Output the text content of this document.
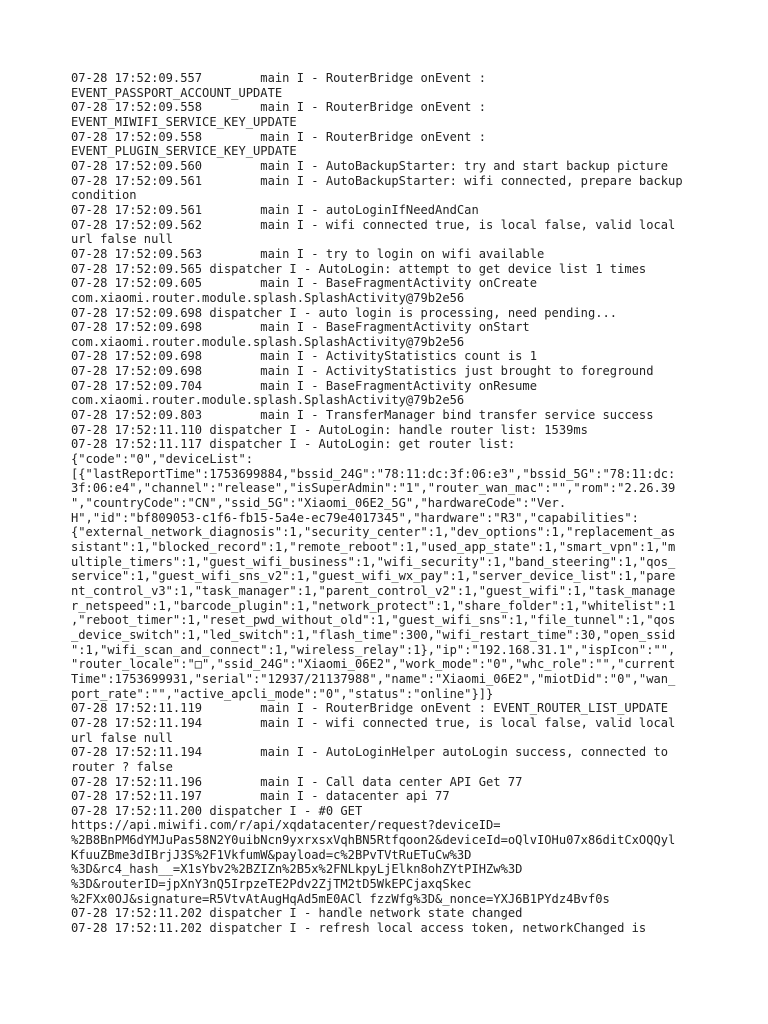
07-28 17:52:09.557        main I - RouterBridge onEvent :
EVENT_PASSPORT_ACCOUNT_UPDATE
07-28 17:52:09.558        main I - RouterBridge onEvent :
EVENT_MIWIFI_SERVICE_KEY_UPDATE
07-28 17:52:09.558        main I - RouterBridge onEvent :
EVENT_PLUGIN_SERVICE_KEY_UPDATE
07-28 17:52:09.560        main I - AutoBackupStarter: try and start backup picture
07-28 17:52:09.561        main I - AutoBackupStarter: wifi connected, prepare backup
condition
07-28 17:52:09.561        main I - autoLoginIfNeedAndCan
07-28 17:52:09.562        main I - wifi connected true, is local false, valid local
url false null
07-28 17:52:09.563        main I - try to login on wifi available
07-28 17:52:09.565 dispatcher I - AutoLogin: attempt to get device list 1 times
07-28 17:52:09.605        main I - BaseFragmentActivity onCreate
com.xiaomi.router.module.splash.SplashActivity@79b2e56
07-28 17:52:09.698 dispatcher I - auto login is processing, need pending...
07-28 17:52:09.698        main I - BaseFragmentActivity onStart
com.xiaomi.router.module.splash.SplashActivity@79b2e56
07-28 17:52:09.698        main I - ActivityStatistics count is 1
07-28 17:52:09.698        main I - ActivityStatistics just brought to foreground
07-28 17:52:09.704        main I - BaseFragmentActivity onResume
com.xiaomi.router.module.splash.SplashActivity@79b2e56
07-28 17:52:09.803        main I - TransferManager bind transfer service success
07-28 17:52:11.110 dispatcher I - AutoLogin: handle router list: 1539ms
07-28 17:52:11.117 dispatcher I - AutoLogin: get router list:
{"code":"0","deviceList":
[{"lastReportTime":1753699884,"bssid_24G":"78:11:dc:3f:06:e3","bssid_5G":"78:11:dc:
3f:06:e4","channel":"release","isSuperAdmin":"1","router_wan_mac":"","rom":"2.26.39
","countryCode":"CN","ssid_5G":"Xiaomi_06E2_5G","hardwareCode":"Ver.
H","id":"bf809053-c1f6-fb15-5a4e-ec79e4017345","hardware":"R3","capabilities":
{"external_network_diagnosis":1,"security_center":1,"dev_options":1,"replacement_as
sistant":1,"blocked_record":1,"remote_reboot":1,"used_app_state":1,"smart_vpn":1,"m
ultiple_timers":1,"guest_wifi_business":1,"wifi_security":1,"band_steering":1,"qos_
service":1,"guest_wifi_sns_v2":1,"guest_wifi_wx_pay":1,"server_device_list":1,"pare
nt_control_v3":1,"task_manager":1,"parent_control_v2":1,"guest_wifi":1,"task_manage
r_netspeed":1,"barcode_plugin":1,"network_protect":1,"share_folder":1,"whitelist":1
,"reboot_timer":1,"reset_pwd_without_old":1,"guest_wifi_sns":1,"file_tunnel":1,"qos
_device_switch":1,"led_switch":1,"flash_time":300,"wifi_restart_time":30,"open_ssid
":1,"wifi_scan_and_connect":1,"wireless_relay":1},"ip":"192.168.31.1","ispIcon":"",
"router_locale":"□","ssid_24G":"Xiaomi_06E2","work_mode":"0","whc_role":"","current
Time":1753699931,"serial":"12937/21137988","name":"Xiaomi_06E2","miotDid":"0","wan_
port_rate":"","active_apcli_mode":"0","status":"online"}]}
07-28 17:52:11.119        main I - RouterBridge onEvent : EVENT_ROUTER_LIST_UPDATE
07-28 17:52:11.194        main I - wifi connected true, is local false, valid local
url false null
07-28 17:52:11.194        main I - AutoLoginHelper autoLogin success, connected to
router ? false
07-28 17:52:11.196        main I - Call data center API Get 77
07-28 17:52:11.197        main I - datacenter api 77
07-28 17:52:11.200 dispatcher I - #0 GET
https://api.miwifi.com/r/api/xqdatacenter/request?deviceID=
%2B8BnPM6dYMJuPas58N2Y0uibNcn9yxrxsxVqhBN5Rtfqoon2&deviceId=oQlvIOHu07x86ditCxOQQyl
KfuuZBme3dIBrjJ3S%2F1VkfumW&payload=c%2BPvTVtRuETuCw%3D
%3D&rc4_hash__=X1sYbv2%2BZIZn%2B5x%2FNLkpyLjElkn8ohZYtPIHZw%3D
%3D&routerID=jpXnY3nQ5IrpzeTE2Pdv2ZjTM2tD5WkEPCjaxqSkec
%2FXx0OJ&signature=R5VtvAtAugHqAd5mE0ACl fzzWfg%3D&_nonce=YXJ6B1PYdz4Bvf0s
07-28 17:52:11.202 dispatcher I - handle network state changed
07-28 17:52:11.202 dispatcher I - refresh local access token, networkChanged is
